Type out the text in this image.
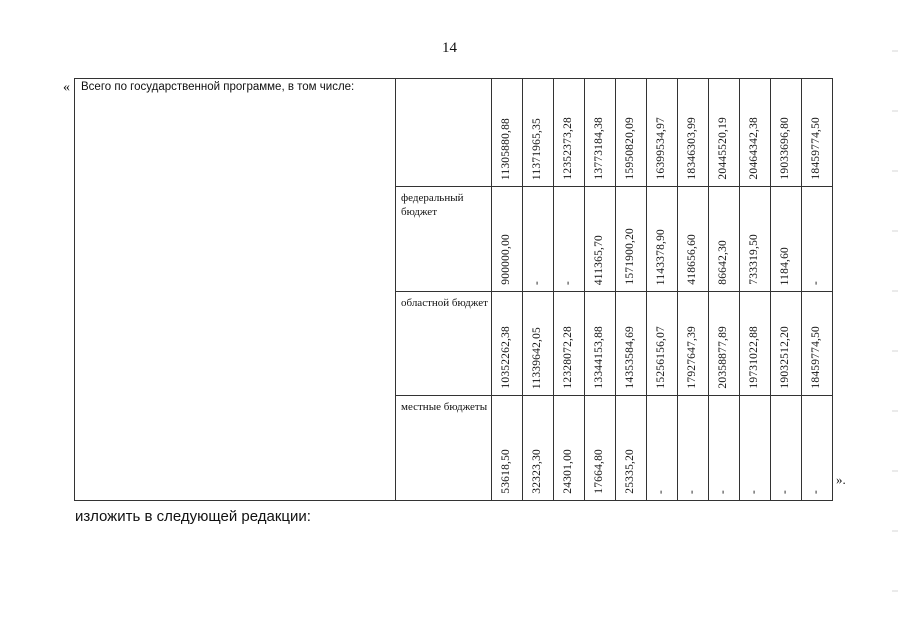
14
« Всего по государственной программе, в том числе:		11305880,88	11371965,35	12352373,28	13773184,38	15950820,09	16399534,97	18346303,99	20445520,19	20464342,38	19033696,80	18459774,50

	федеральный бюджет	900000,00	-	-	411365,70	1571900,20	1143378,90	418656,60	86642,30	733319,50	1184,60	-

	областной бюджет	10352262,38	11339642,05	12328072,28	13344153,88	14353584,69	15256156,07	17927647,39	20358877,89	19731022,88	19032512,20	18459774,50

	местные бюджеты	53618,50	32323,30	24301,00	17664,80	25335,20	-	-	-	-	-	-
».
изложить в следующей редакции:
